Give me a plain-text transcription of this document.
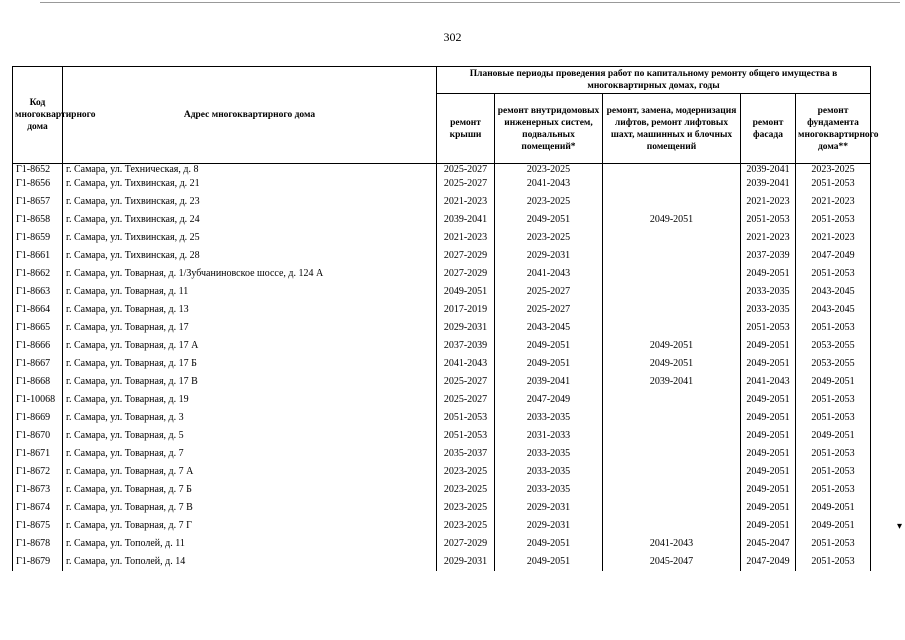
302
Код многоквартирного дома	Адрес многоквартирного дома	Плановые периоды проведения работ по капитальному ремонту общего имущества в многоквартирных домах, годы				
		ремонт крыши	ремонт внутридомовых инженерных систем, подвальных помещений*	ремонт, замена, модернизация лифтов, ремонт лифтовых шахт, машинных и блочных помещений	ремонт фасада	ремонт фундамента многоквартирного дома**
Г1-8652	г. Самара, ул. Техническая, д. 8	2025-2027	2023-2025		2039-2041	2023-2025
Г1-8656	г. Самара, ул. Тихвинская, д. 21	2025-2027	2041-2043		2039-2041	2051-2053
Г1-8657	г. Самара, ул. Тихвинская, д. 23	2021-2023	2023-2025		2021-2023	2021-2023
Г1-8658	г. Самара, ул. Тихвинская, д. 24	2039-2041	2049-2051	2049-2051	2051-2053	2051-2053
Г1-8659	г. Самара, ул. Тихвинская, д. 25	2021-2023	2023-2025		2021-2023	2021-2023
Г1-8661	г. Самара, ул. Тихвинская, д. 28	2027-2029	2029-2031		2037-2039	2047-2049
Г1-8662	г. Самара, ул. Товарная, д. 1/Зубчаниновское шоссе, д. 124 А	2027-2029	2041-2043		2049-2051	2051-2053
Г1-8663	г. Самара, ул. Товарная, д. 11	2049-2051	2025-2027		2033-2035	2043-2045
Г1-8664	г. Самара, ул. Товарная, д. 13	2017-2019	2025-2027		2033-2035	2043-2045
Г1-8665	г. Самара, ул. Товарная, д. 17	2029-2031	2043-2045		2051-2053	2051-2053
Г1-8666	г. Самара, ул. Товарная, д. 17 А	2037-2039	2049-2051	2049-2051	2049-2051	2053-2055
Г1-8667	г. Самара, ул. Товарная, д. 17 Б	2041-2043	2049-2051	2049-2051	2049-2051	2053-2055
Г1-8668	г. Самара, ул. Товарная, д. 17 В	2025-2027	2039-2041	2039-2041	2041-2043	2049-2051
Г1-10068	г. Самара, ул. Товарная, д. 19	2025-2027	2047-2049		2049-2051	2051-2053
Г1-8669	г. Самара, ул. Товарная, д. 3	2051-2053	2033-2035		2049-2051	2051-2053
Г1-8670	г. Самара, ул. Товарная, д. 5	2051-2053	2031-2033		2049-2051	2049-2051
Г1-8671	г. Самара, ул. Товарная, д. 7	2035-2037	2033-2035		2049-2051	2051-2053
Г1-8672	г. Самара, ул. Товарная, д. 7 А	2023-2025	2033-2035		2049-2051	2051-2053
Г1-8673	г. Самара, ул. Товарная, д. 7 Б	2023-2025	2033-2035		2049-2051	2051-2053
Г1-8674	г. Самара, ул. Товарная, д. 7 В	2023-2025	2029-2031		2049-2051	2049-2051
Г1-8675	г. Самара, ул. Товарная, д. 7 Г	2023-2025	2029-2031		2049-2051	2049-2051
Г1-8678	г. Самара, ул. Тополей, д. 11	2027-2029	2049-2051	2041-2043	2045-2047	2051-2053
Г1-8679	г. Самара, ул. Тополей, д. 14	2029-2031	2049-2051	2045-2047	2047-2049	2051-2053
▾
